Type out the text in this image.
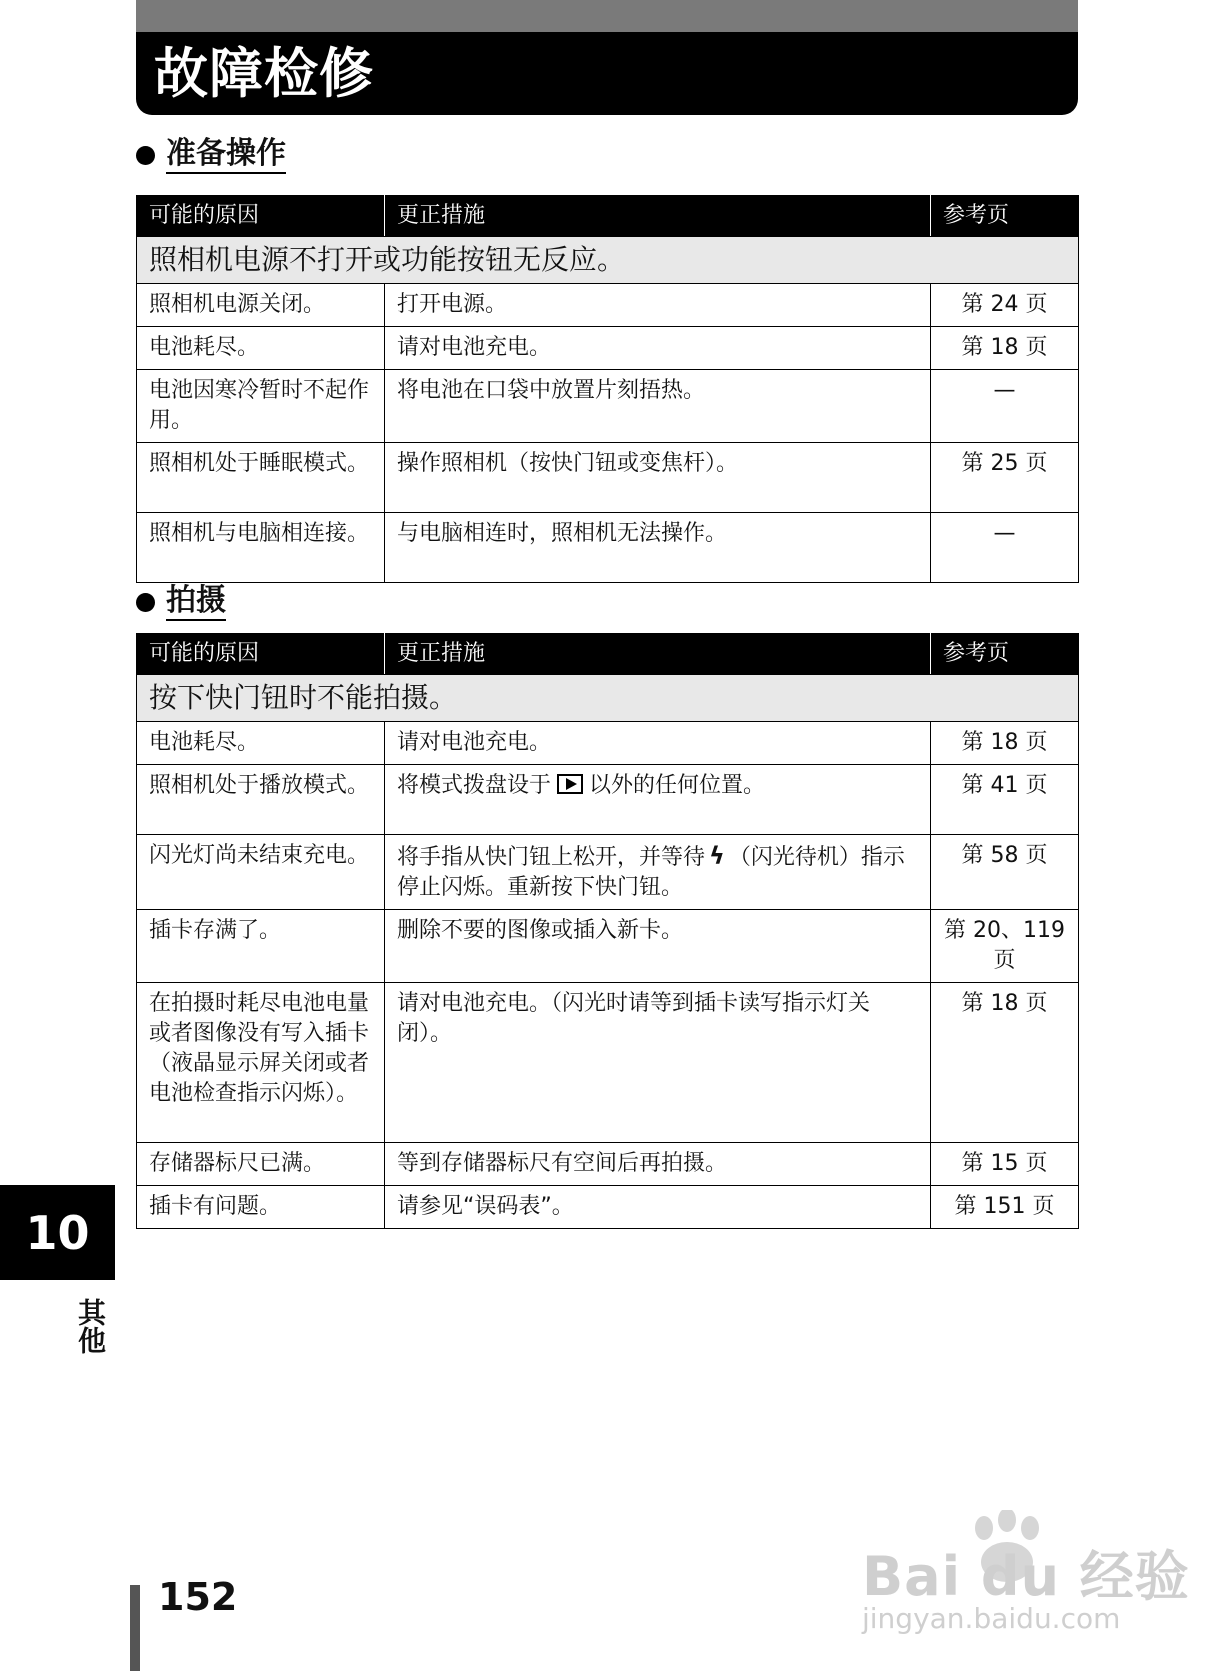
故障检修
准备操作
可能的原因	更正措施	参考页
照相机电源不打开或功能按钮无反应。		
照相机电源关闭。	打开电源。	第 24 页
电池耗尽。	请对电池充电。	第 18 页
电池因寒冷暂时不起作用。	将电池在口袋中放置片刻捂热。	—
照相机处于睡眠模式。	操作照相机（按快门钮或变焦杆）。	第 25 页
照相机与电脑相连接。	与电脑相连时，照相机无法操作。	—
拍摄
可能的原因	更正措施	参考页
按下快门钮时不能拍摄。		
电池耗尽。	请对电池充电。	第 18 页
照相机处于播放模式。	将模式拨盘设于 以外的任何位置。	第 41 页
闪光灯尚未结束充电。	将手指从快门钮上松开，并等待 ϟ （闪光待机）指示停止闪烁。重新按下快门钮。	第 58 页
插卡存满了。	删除不要的图像或插入新卡。	第 20、119 页
在拍摄时耗尽电池电量或者图像没有写入插卡（液晶显示屏关闭或者电池检查指示闪烁）。	请对电池充电。（闪光时请等到插卡读写指示灯关闭）。	第 18 页
存储器标尺已满。	等到存储器标尺有空间后再拍摄。	第 15 页
插卡有问题。	请参见“误码表”。	第 151 页
10
其他
152	Bai du 经验
jingyan.baidu.com
